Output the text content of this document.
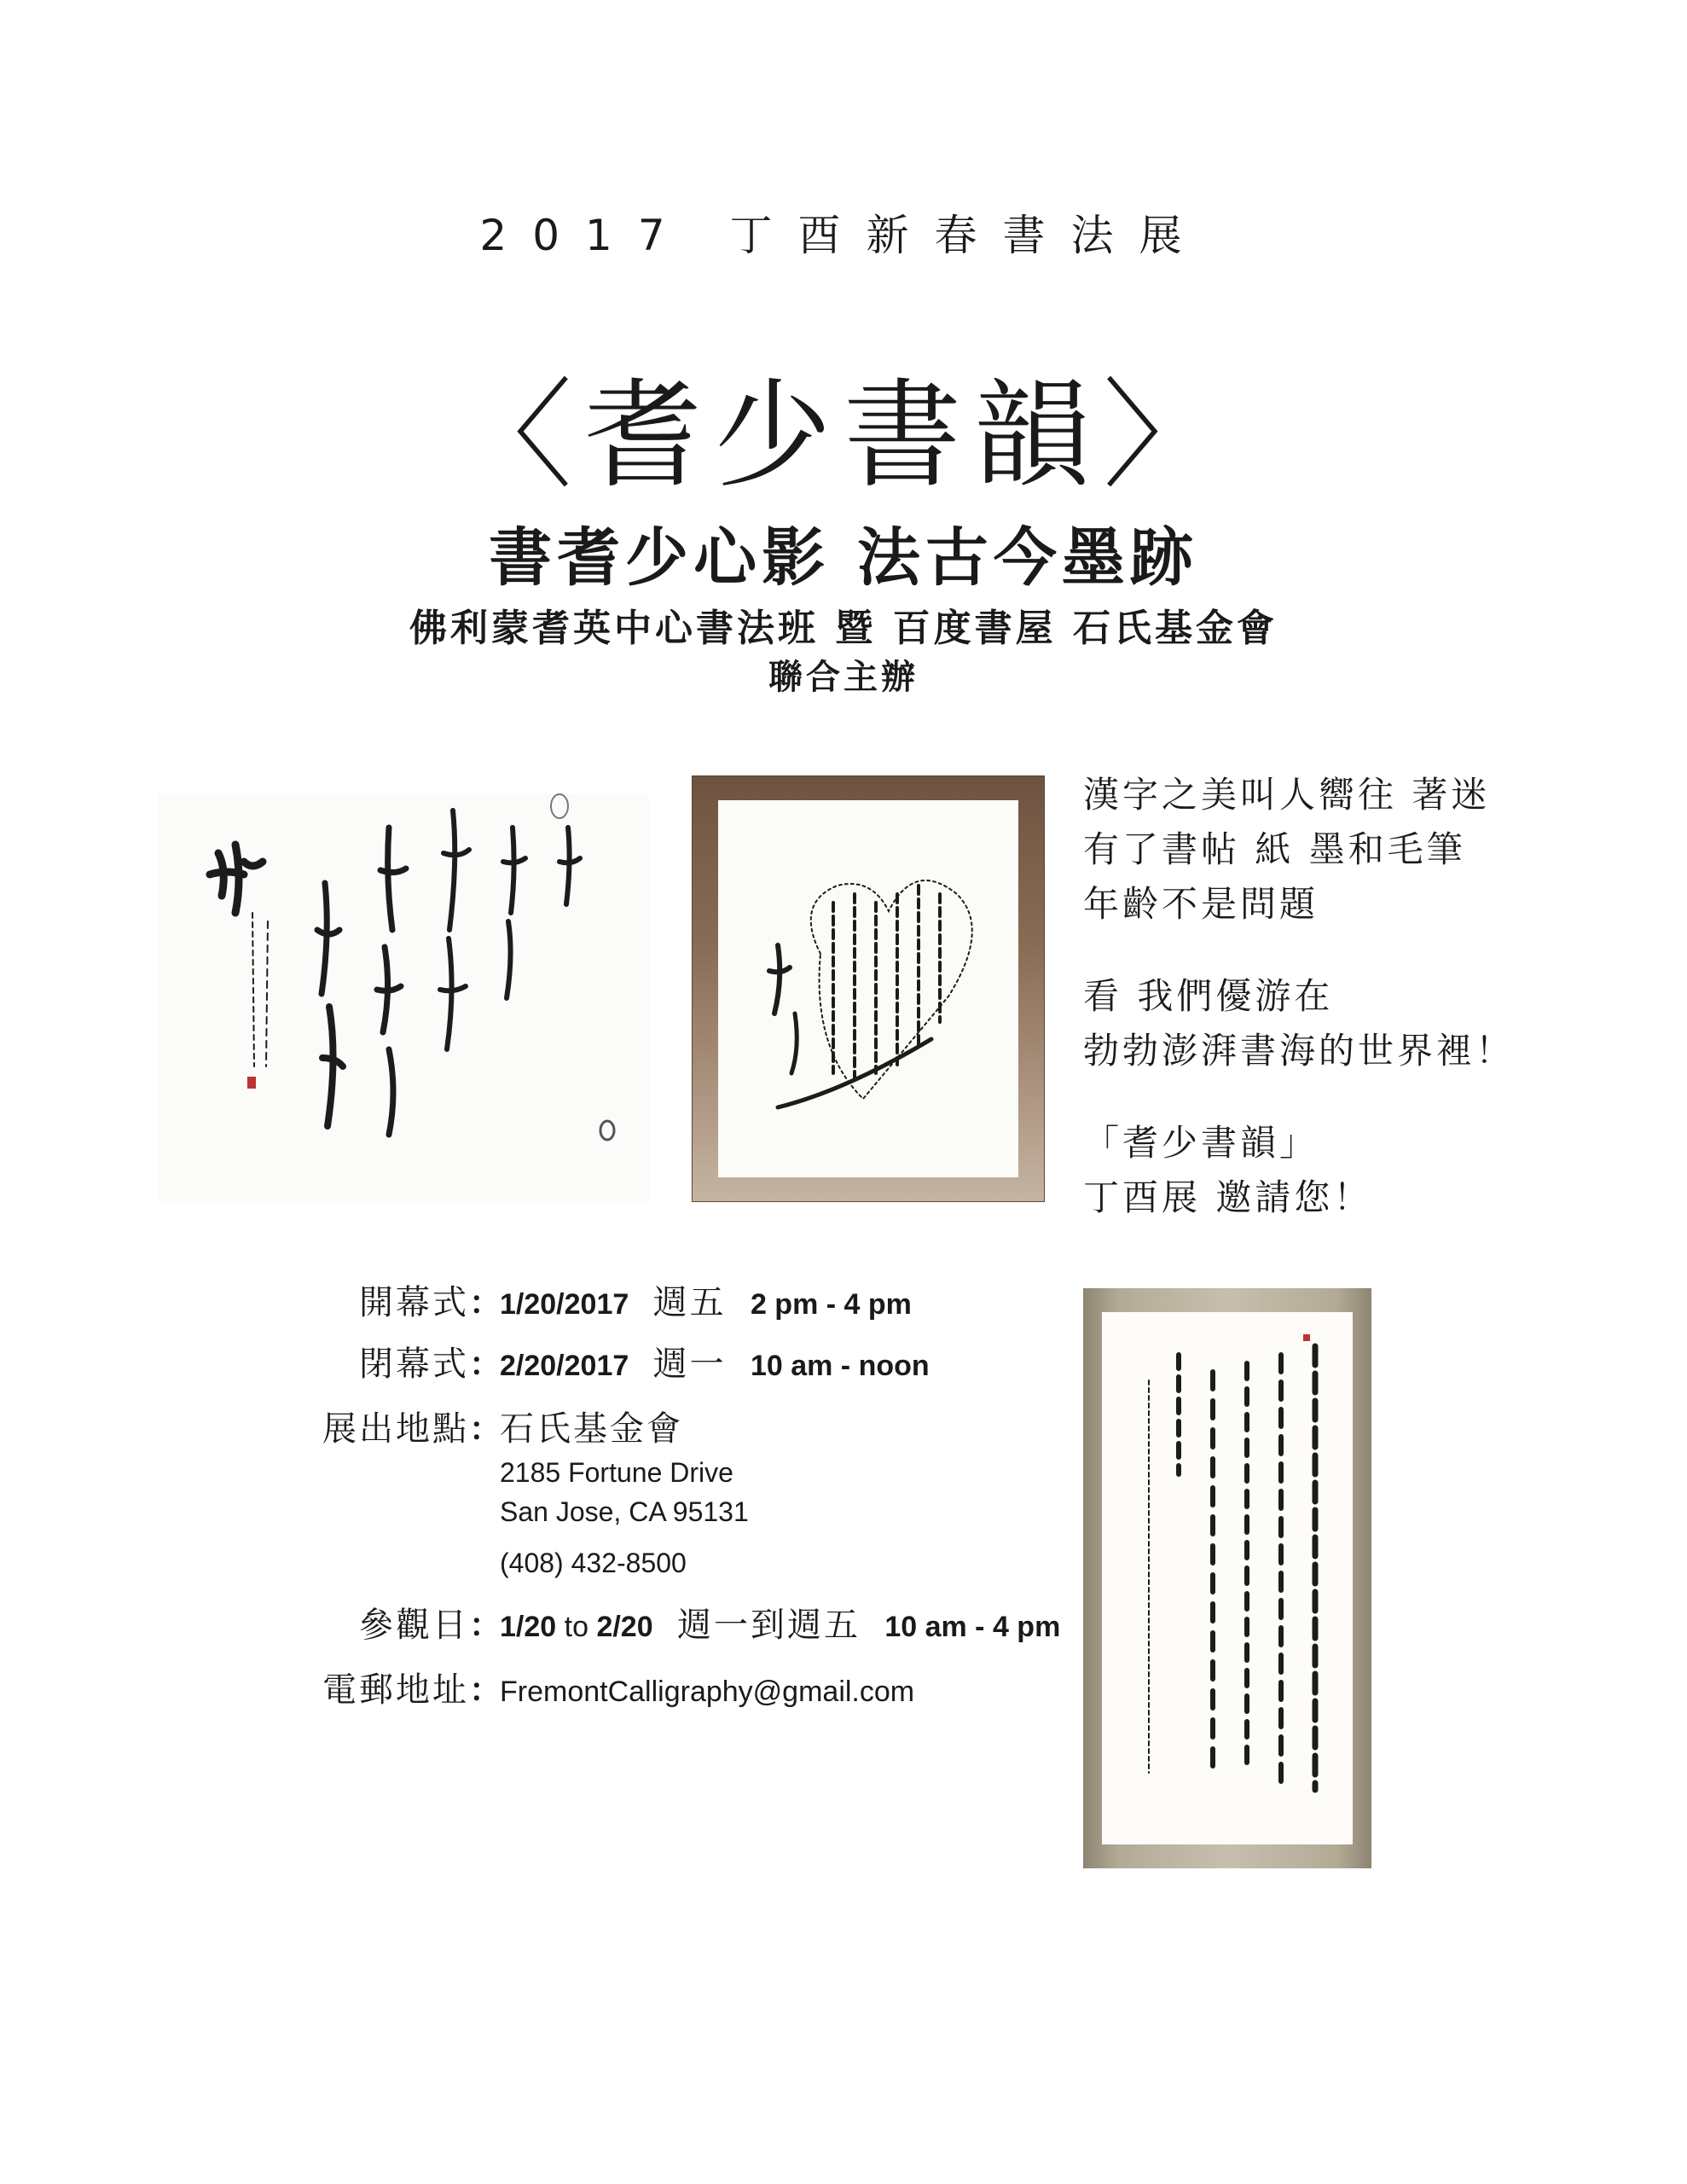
2017 丁酉新春書法展
〈耆少書韻〉
書耆少心影 法古今墨跡
佛利蒙耆英中心書法班 暨 百度書屋 石氏基金會
聯合主辦
漢字之美叫人嚮往 著迷
有了書帖 紙 墨和毛筆
年齡不是問題
看 我們優游在
勃勃澎湃書海的世界裡！
「耆少書韻」
丁酉展 邀請您！
開幕式 ：
1/20/2017 週五 2 pm - 4 pm
閉幕式 ：
2/20/2017 週一 10 am - noon
展出地點 ：
石氏基金會
2185 Fortune Drive
San Jose, CA 95131
(408) 432-8500
參觀日 ：
1/20 to 2/20 週一到週五 10 am - 4 pm
電郵地址 ：
FremontCalligraphy@gmail.com
